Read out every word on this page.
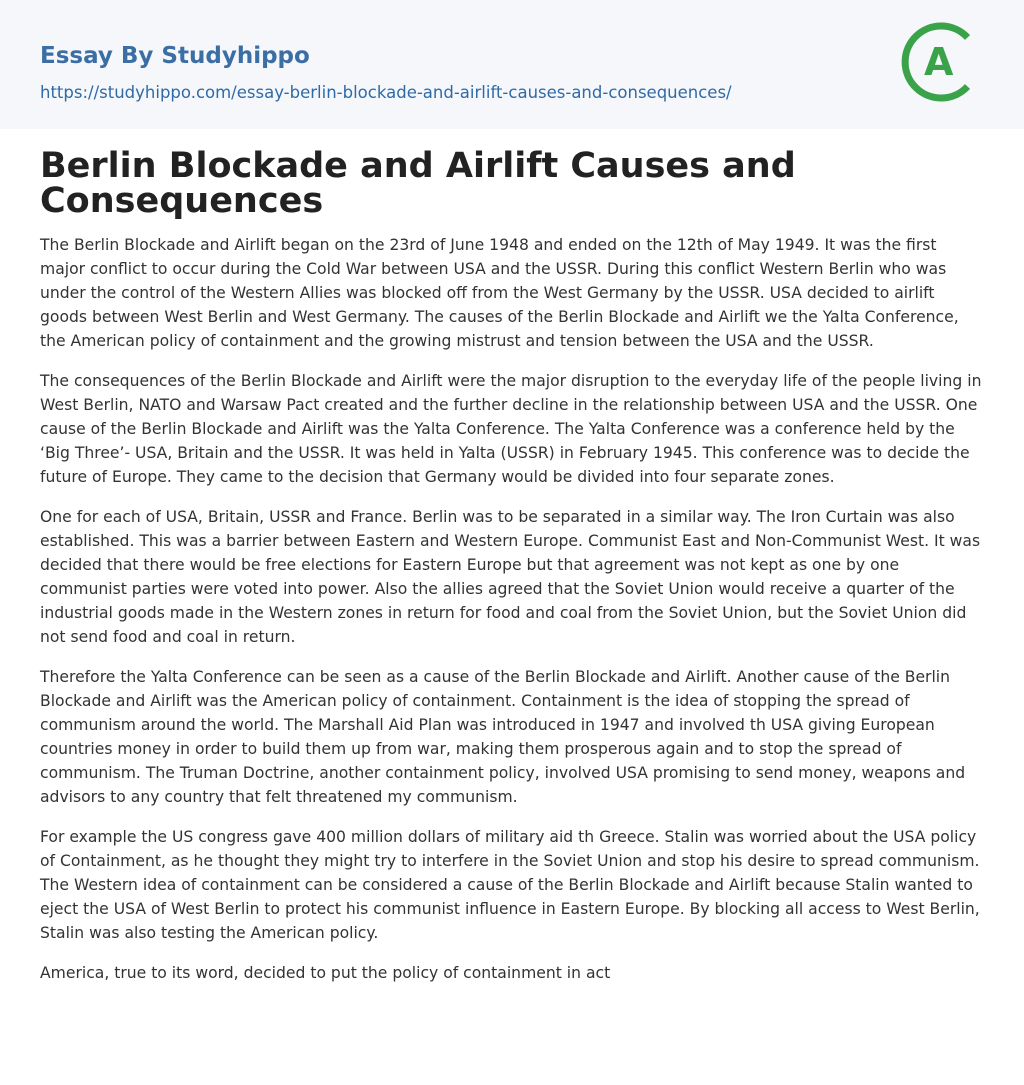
Essay By Studyhippo
https://studyhippo.com/essay-berlin-blockade-and-airlift-causes-and-consequences/
A
Berlin Blockade and Airlift Causes and Consequences

The Berlin Blockade and Airlift began on the 23rd of June 1948 and ended on the 12th of May 1949. It was the first major conflict to occur during the Cold War between USA and the USSR. During this conflict Western Berlin who was under the control of the Western Allies was blocked off from the West Germany by the USSR. USA decided to airlift goods between West Berlin and West Germany. The causes of the Berlin Blockade and Airlift we the Yalta Conference, the American policy of containment and the growing mistrust and tension between the USA and the USSR.

The consequences of the Berlin Blockade and Airlift were the major disruption to the everyday life of the people living in West Berlin, NATO and Warsaw Pact created and the further decline in the relationship between USA and the USSR. One cause of the Berlin Blockade and Airlift was the Yalta Conference. The Yalta Conference was a conference held by the ‘Big Three’- USA, Britain and the USSR. It was held in Yalta (USSR) in February 1945. This conference was to decide the future of Europe. They came to the decision that Germany would be divided into four separate zones.

One for each of USA, Britain, USSR and France. Berlin was to be separated in a similar way. The Iron Curtain was also established. This was a barrier between Eastern and Western Europe. Communist East and Non-Communist West. It was decided that there would be free elections for Eastern Europe but that agreement was not kept as one by one communist parties were voted into power. Also the allies agreed that the Soviet Union would receive a quarter of the industrial goods made in the Western zones in return for food and coal from the Soviet Union, but the Soviet Union did not send food and coal in return.

Therefore the Yalta Conference can be seen as a cause of the Berlin Blockade and Airlift. Another cause of the Berlin Blockade and Airlift was the American policy of containment. Containment is the idea of stopping the spread of communism around the world. The Marshall Aid Plan was introduced in 1947 and involved th USA giving European countries money in order to build them up from war, making them prosperous again and to stop the spread of communism. The Truman Doctrine, another containment policy, involved USA promising to send money, weapons and advisors to any country that felt threatened my communism.

For example the US congress gave 400 million dollars of military aid th Greece. Stalin was worried about the USA policy of Containment, as he thought they might try to interfere in the Soviet Union and stop his desire to spread communism. The Western idea of containment can be considered a cause of the Berlin Blockade and Airlift because Stalin wanted to eject the USA of West Berlin to protect his communist influence in Eastern Europe. By blocking all access to West Berlin, Stalin was also testing the American policy.

America, true to its word, decided to put the policy of containment in act
